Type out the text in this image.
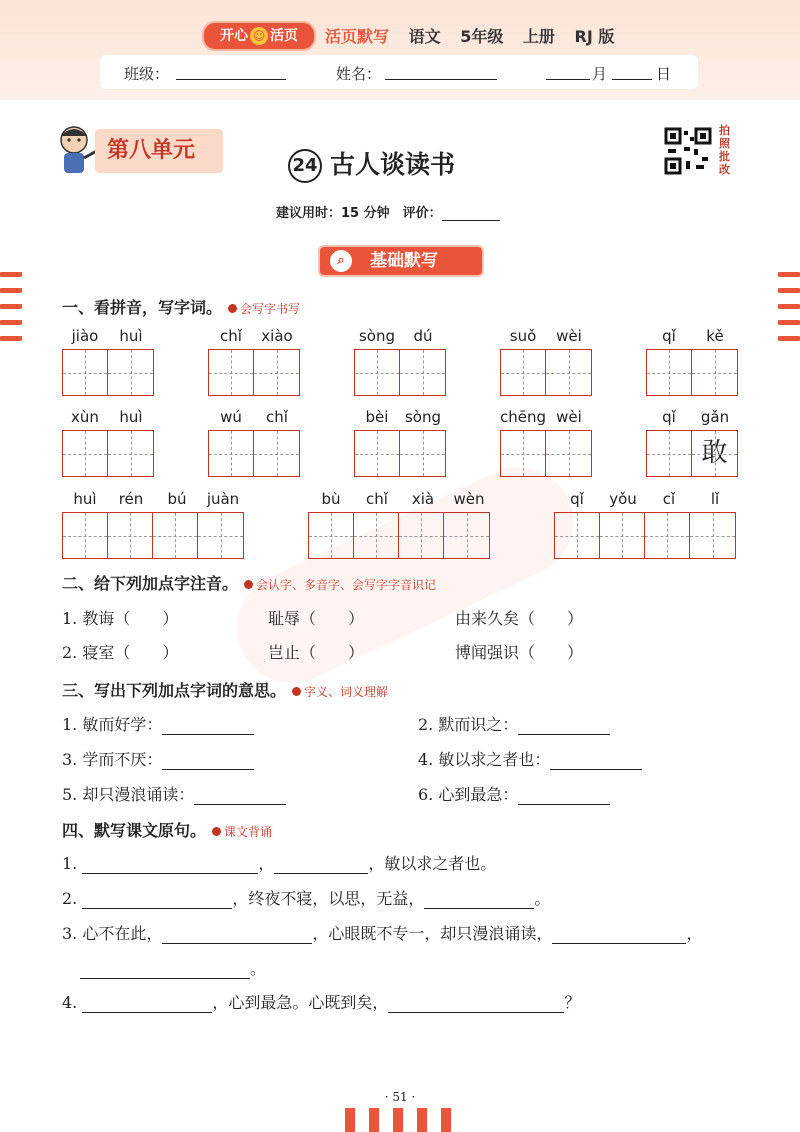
开心 ☺ 活页	活页默写 语文 5年级 上册 RJ 版
班级：	姓名：	月	日
第八单元
24 古人谈读书
拍照批改
建议用时：15 分钟　 评价：
⌕	基础默写
一、看拼音，写字词。 会写字书写
jiào	huì	chǐ	xiào	sòng	dú	suǒ	wèi	qǐ	kě
xùn	huì	wú	chǐ	bèi	sòng	chēng wèi	qǐ	gǎn
敢
huì	rén	bú	juàn	bù	chǐ	xià	wèn	qǐ	yǒu	cǐ	lǐ
二、给下列加点字注音。 会认字、多音字、会写字字音识记
1. 教诲（　　）	耻辱（　　）	由来久矣（　　）
2. 寝室（　　）	岂止（　　）	博闻强识（　　）
三、写出下列加点字词的意思。 字义、词义理解
1. 敏而好学：	2. 默而识之：
3. 学而不厌：	4. 敏以求之者也：
5. 却只漫浪诵读：	6. 心到最急：
四、默写课文原句。 课文背诵
1.	，	，敏以求之者也。
2.	，终夜不寝，以思，无益，	。
3. 心不在此，	，心眼既不专一，却只漫浪诵读，	，
。
4.	，心到最急。心既到矣，	？
· 51 ·
